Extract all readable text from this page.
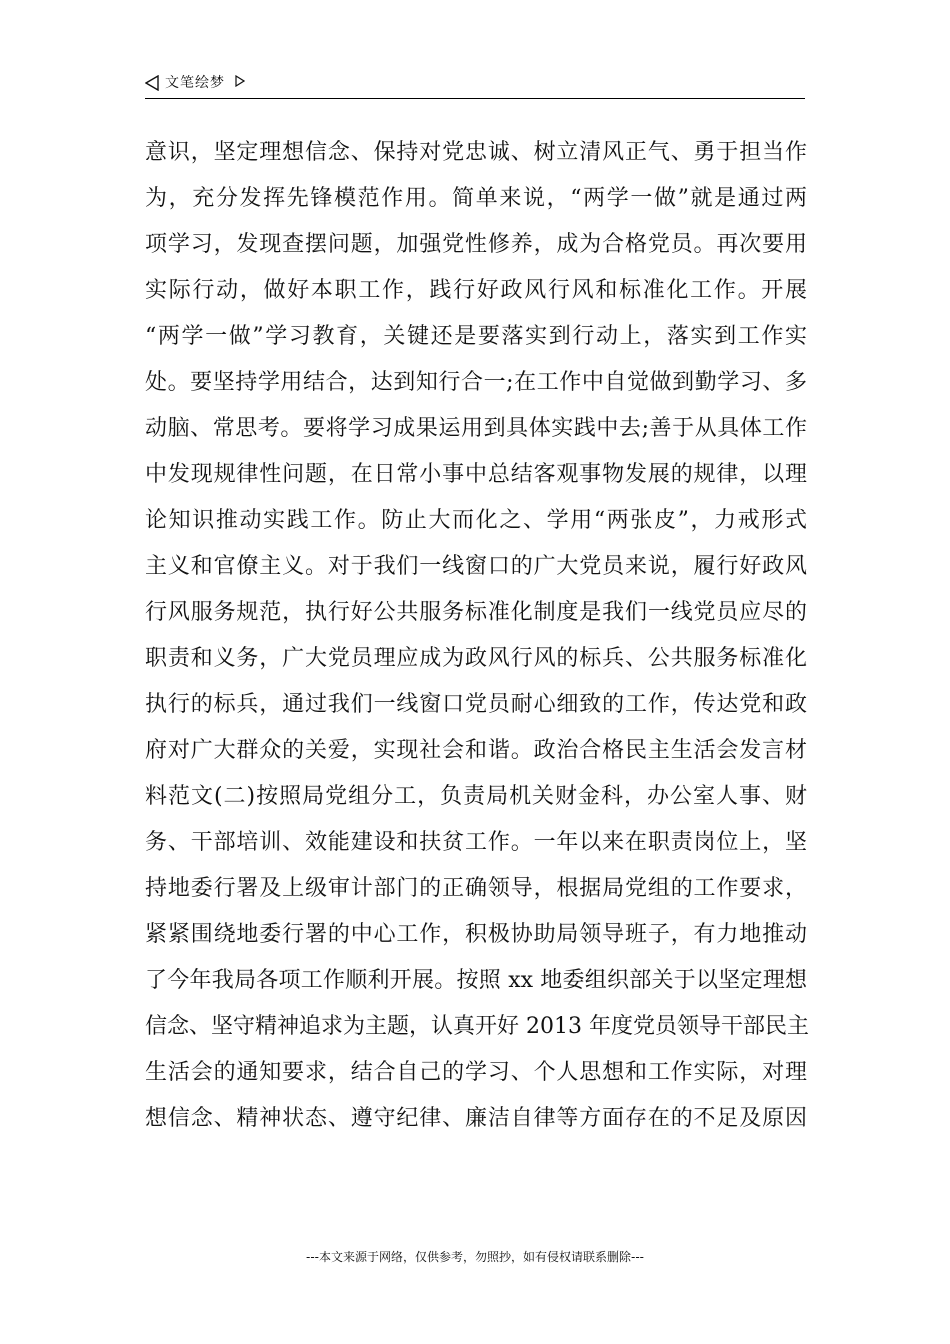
文笔绘梦
意识，坚定理想信念、保持对党忠诚、树立清风正气、勇于担当作
为，充分发挥先锋模范作用。简单来说，“两学一做”就是通过两
项学习，发现查摆问题，加强党性修养，成为合格党员。再次要用
实际行动，做好本职工作，践行好政风行风和标准化工作。开展
“两学一做”学习教育，关键还是要落实到行动上，落实到工作实
处。要坚持学用结合，达到知行合一;在工作中自觉做到勤学习、多
动脑、常思考。要将学习成果运用到具体实践中去;善于从具体工作
中发现规律性问题，在日常小事中总结客观事物发展的规律，以理
论知识推动实践工作。防止大而化之、学用“两张皮”，力戒形式
主义和官僚主义。对于我们一线窗口的广大党员来说，履行好政风
行风服务规范，执行好公共服务标准化制度是我们一线党员应尽的
职责和义务，广大党员理应成为政风行风的标兵、公共服务标准化
执行的标兵，通过我们一线窗口党员耐心细致的工作，传达党和政
府对广大群众的关爱，实现社会和谐。政治合格民主生活会发言材
料范文(二)按照局党组分工，负责局机关财金科，办公室人事、财
务、干部培训、效能建设和扶贫工作。一年以来在职责岗位上，坚
持地委行署及上级审计部门的正确领导，根据局党组的工作要求，
紧紧围绕地委行署的中心工作，积极协助局领导班子，有力地推动
了今年我局各项工作顺利开展。按照 xx 地委组织部关于以坚定理想
信念、坚守精神追求为主题，认真开好 2013 年度党员领导干部民主
生活会的通知要求，结合自己的学习、个人思想和工作实际，对理
想信念、精神状态、遵守纪律、廉洁自律等方面存在的不足及原因
---本文来源于网络，仅供参考，勿照抄，如有侵权请联系删除---
